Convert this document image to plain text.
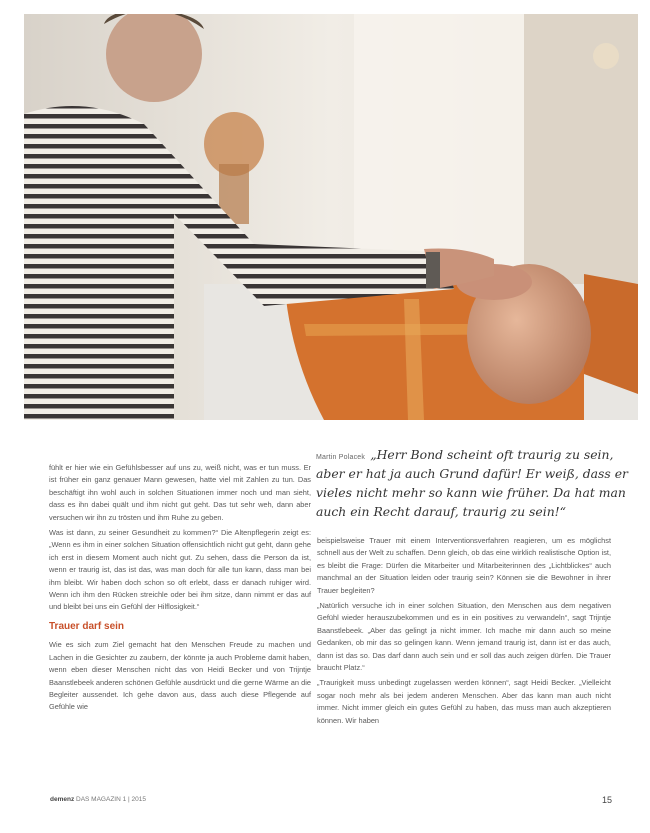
Martin Polacek „Herr Bond scheint oft traurig zu sein, aber er hat ja auch Grund dafür! Er weiß, dass er vieles nicht mehr so kann wie früher. Da hat man auch ein Recht darauf, traurig zu sein!“

fühlt er hier wie ein Gefühlsbesser auf uns zu, weiß nicht, was er tun muss. Er ist früher ein ganz genauer Mann gewesen, hatte viel mit Zahlen zu tun. Das beschäftigt ihn wohl auch in solchen Situationen immer noch und man sieht, dass es ihn dabei quält und ihm nicht gut geht. Das tut sehr weh, dann aber versuchen wir ihn zu trösten und ihm Ruhe zu geben.

Was ist dann, zu seiner Gesundheit zu kommen?“ Die Altenpflegerin zeigt es: „Wenn es ihm in einer solchen Situation offensichtlich nicht gut geht, dann gehe ich erst in diesem Moment auch nicht gut. Zu sehen, dass die Person da ist, wenn er traurig ist, das ist das, was man doch für alle tun kann, dass man bei ihm bleibt. Wir haben doch schon so oft erlebt, dass er danach ruhiger wird. Wenn ich ihm den Rücken streichle oder bei ihm sitze, dann nimmt er das auf und bleibt bei uns ein Gefühl der Hilflosigkeit.“

Trauer darf sein

Wie es sich zum Ziel gemacht hat den Menschen Freude zu machen und Lachen in die Gesichter zu zaubern, der könnte ja auch Probleme damit haben, wenn eben dieser Menschen nicht das von Heidi Becker und von Trijntje Baanstlebeek anderen schönen Gefühle ausdrückt und die gerne Wärme an die Begleiter aussendet. Ich gehe davon aus, dass auch diese Pflegende auf Gefühle wie

beispielsweise Trauer mit einem Interventionsverfahren reagieren, um es möglichst schnell aus der Welt zu schaffen. Denn gleich, ob das eine wirklich realistische Option ist, es bleibt die Frage: Dürfen die Mitarbeiter und Mitarbeiterinnen des „Lichtblickes“ auch manchmal an der Situation leiden oder traurig sein? Können sie die Bewohner in ihrer Trauer begleiten?

„Natürlich versuche ich in einer solchen Situation, den Menschen aus dem negativen Gefühl wieder herauszubekommen und es in ein positives zu verwandeln“, sagt Trijntje Baanstlebeek. „Aber das gelingt ja nicht immer. Ich mache mir dann auch so meine Gedanken, ob mir das so gelingen kann. Wenn jemand traurig ist, dann ist er das auch, dann ist das so. Das darf dann auch sein und er soll das auch zeigen dürfen. Die Trauer braucht Platz.“

„Traurigkeit muss unbedingt zugelassen werden können“, sagt Heidi Becker. „Vielleicht sogar noch mehr als bei jedem anderen Menschen. Aber das kann man auch nicht immer. Nicht immer gleich ein gutes Gefühl zu haben, das muss man auch akzeptieren können. Wir haben

demenz DAS MAGAZIN 1 | 2015	15
